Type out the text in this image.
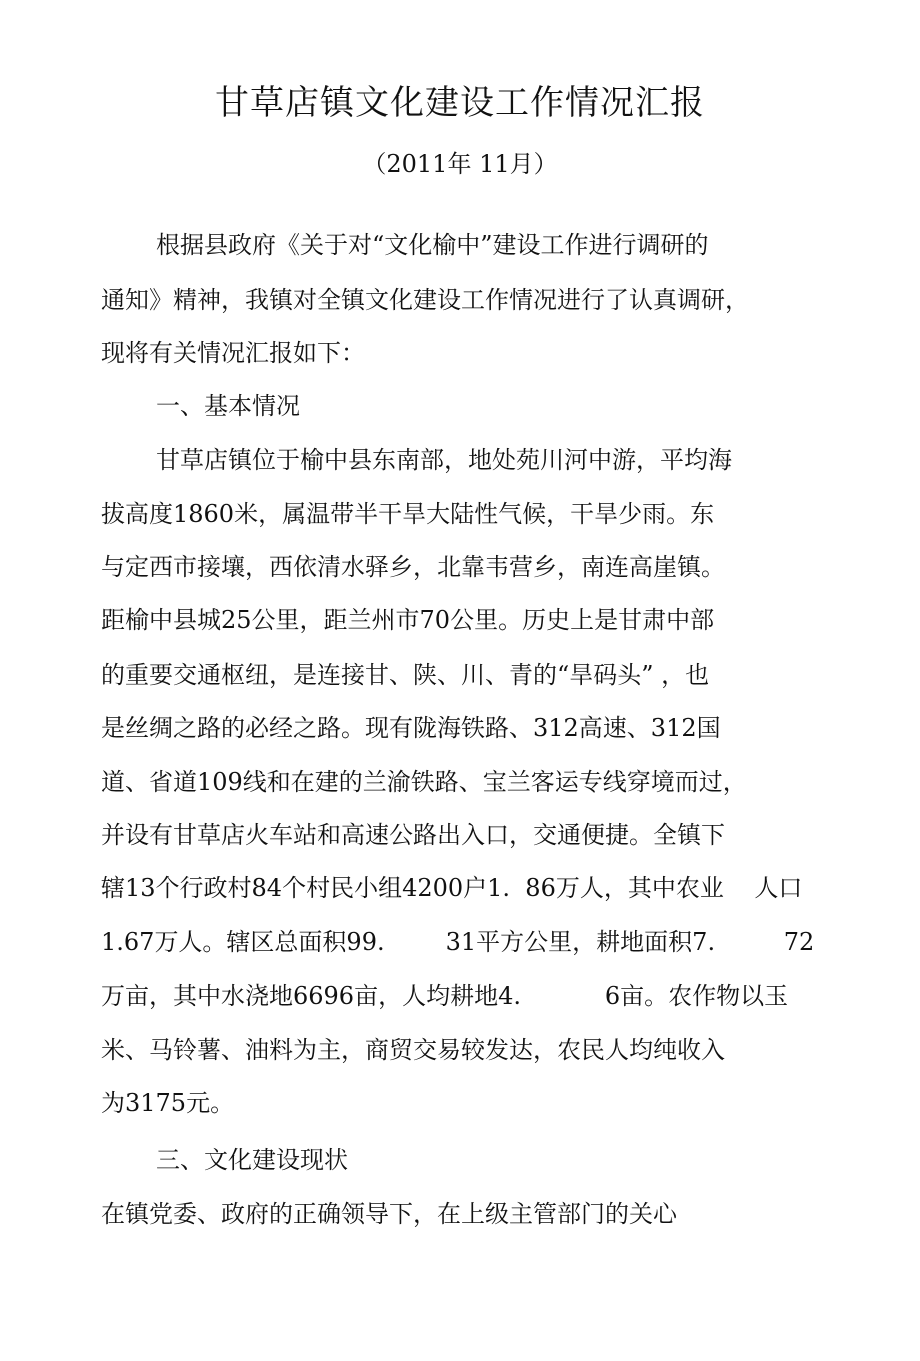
甘草店镇文化建设工作情况汇报
（2011年 11月）
根据县政府《关于对“文化榆中”建设工作进行调研的
通知》精神，我镇对全镇文化建设工作情况进行了认真调研，
现将有关情况汇报如下：
一、基本情况
甘草店镇位于榆中县东南部，地处苑川河中游，平均海
拔高度1860米，属温带半干旱大陆性气候，干旱少雨。东
与定西市接壤，西依清水驿乡，北靠韦营乡，南连高崖镇。
距榆中县城25公里，距兰州市70公里。历史上是甘肃中部
的重要交通枢纽，是连接甘、陕、川、青的“旱码头” ，也
是丝绸之路的必经之路。现有陇海铁路、312高速、312国
道、省道109线和在建的兰渝铁路、宝兰客运专线穿境而过，
并设有甘草店火车站和高速公路出入口，交通便捷。全镇下
辖13个行政村84个村民小组4200户1.  86万人，其中农业    人口
1.67万人。辖区总面积99.        31平方公里，耕地面积7.         72
万亩，其中水浇地6696亩，人均耕地4.           6亩。农作物以玉
米、马铃薯、油料为主，商贸交易较发达，农民人均纯收入
为3175元。
三、文化建设现状
在镇党委、政府的正确领导下，在上级主管部门的关心
